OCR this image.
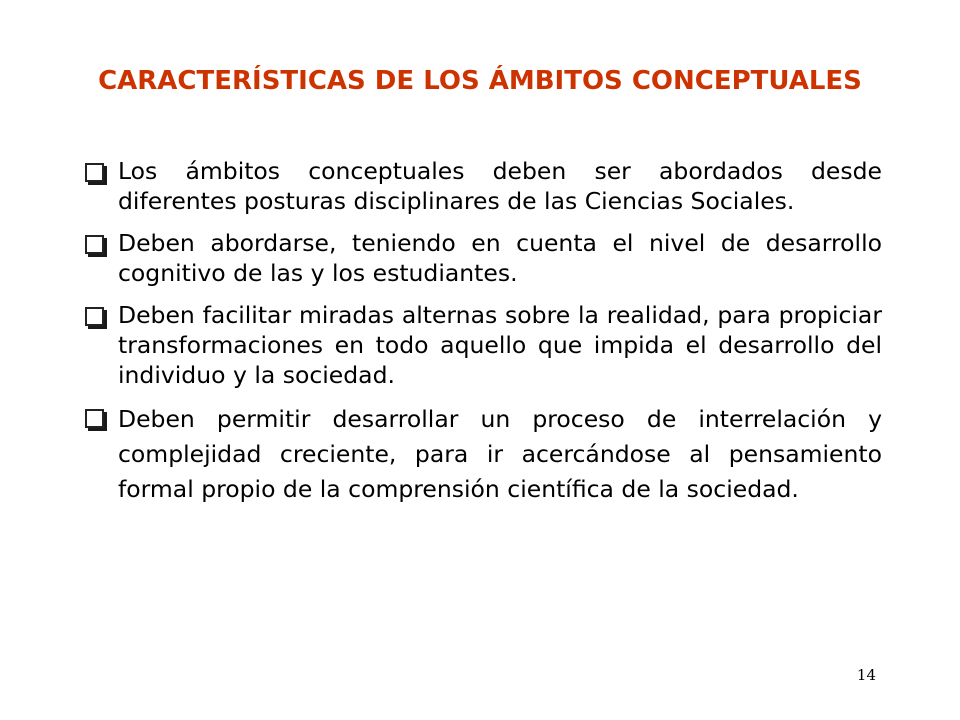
CARACTERÍSTICAS DE LOS ÁMBITOS CONCEPTUALES

Los ámbitos conceptuales deben ser abordados desde diferentes posturas disciplinares de las Ciencias Sociales.

Deben abordarse, teniendo en cuenta el nivel de desarrollo cognitivo de las y los estudiantes.

Deben facilitar miradas alternas sobre la realidad, para propiciar transformaciones en todo aquello que impida el desarrollo del individuo y la sociedad.

Deben permitir desarrollar un proceso de interrelación y complejidad creciente, para ir acercándose al pensamiento formal propio de la comprensión científica de la sociedad.

14
